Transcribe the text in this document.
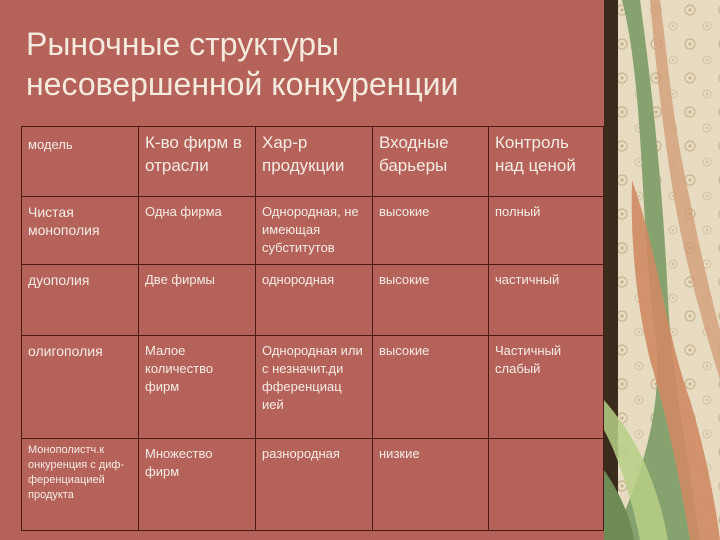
Рыночные структуры
несовершенной конкуренции
модель	К-во фирм в отрасли	Хар-р продукции	Входные барьеры	Контроль над ценой
Чистая монополия	Одна фирма	Однородная, не имеющая субститутов	высокие	полный
дуополия	Две фирмы	однородная	высокие	частичный
олигополия	Малое количество фирм	Однородная или с незначит.ди фференциац ией	высокие	Частичный слабый
Монополистч.к онкуренция с диф-ференциацией продукта	Множество фирм	разнородная	низкие	
